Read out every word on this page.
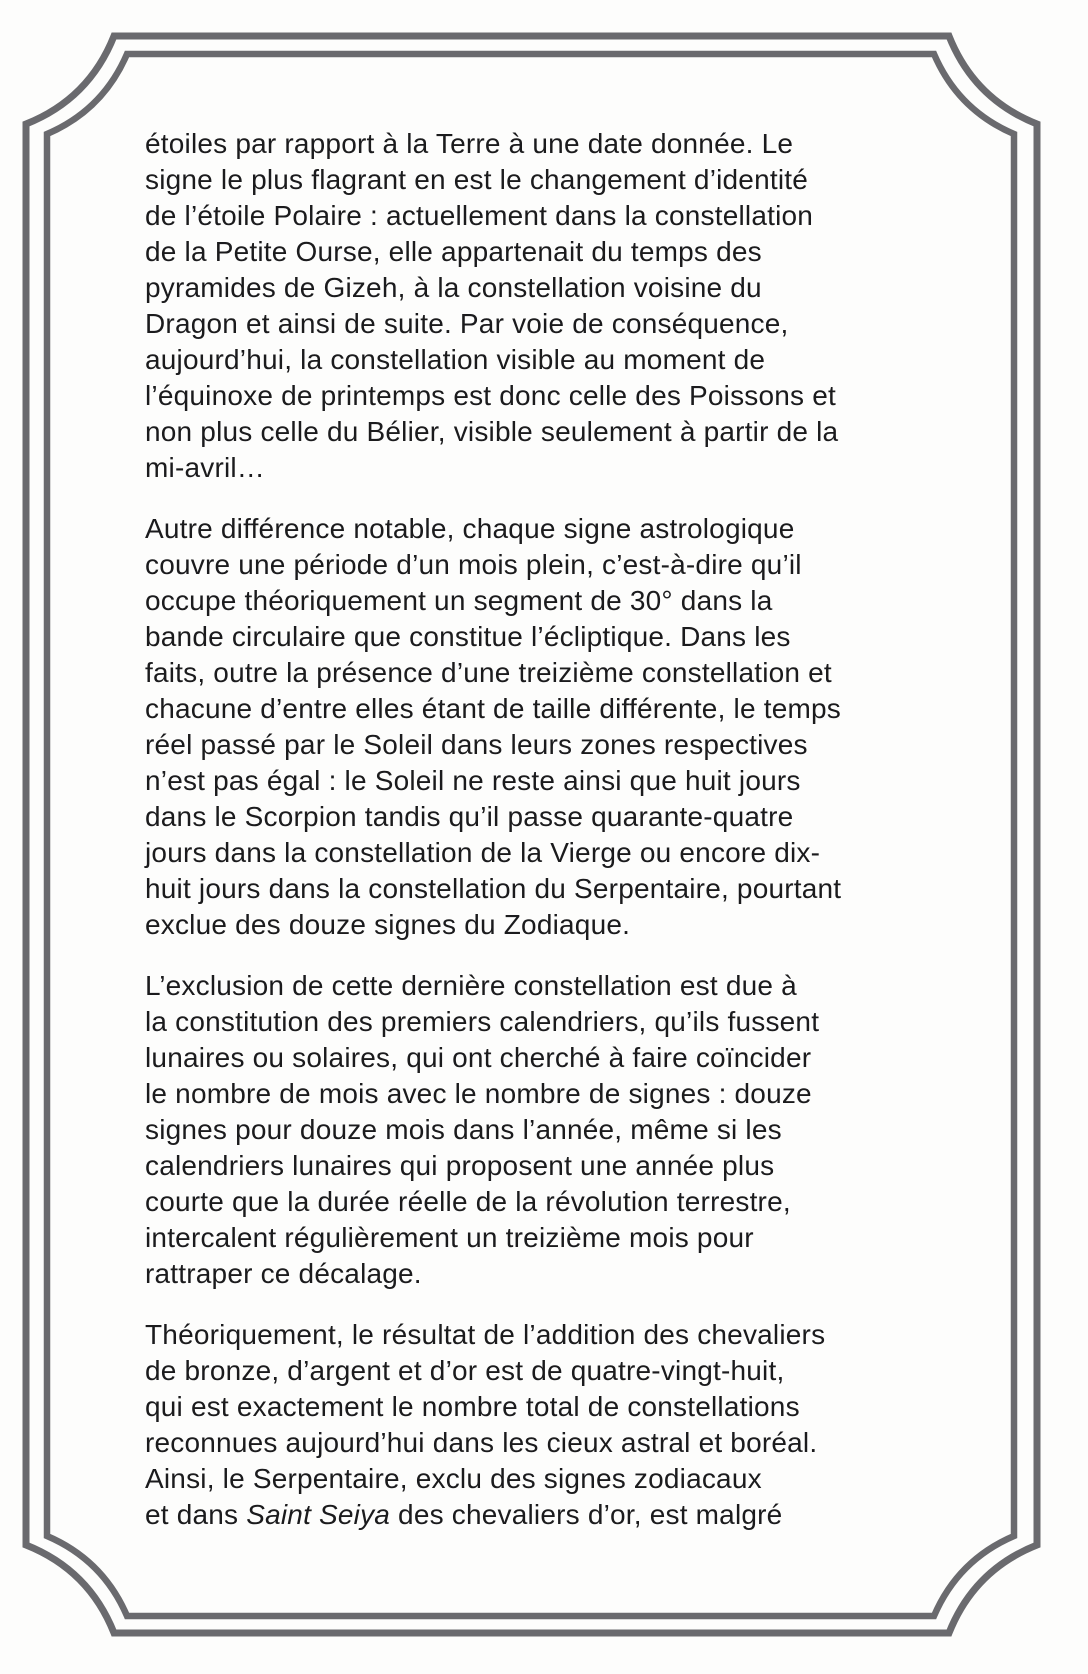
étoiles par rapport à la Terre à une date donnée. Le
signe le plus flagrant en est le changement d’identité
de l’étoile Polaire : actuellement dans la constellation
de la Petite Ourse, elle appartenait du temps des
pyramides de Gizeh, à la constellation voisine du
Dragon et ainsi de suite. Par voie de conséquence,
aujourd’hui, la constellation visible au moment de
l’équinoxe de printemps est donc celle des Poissons et
non plus celle du Bélier, visible seulement à partir de la
mi-avril…
Autre différence notable, chaque signe astrologique
couvre une période d’un mois plein, c’est-à-dire qu’il
occupe théoriquement un segment de 30° dans la
bande circulaire que constitue l’écliptique. Dans les
faits, outre la présence d’une treizième constellation et
chacune d’entre elles étant de taille différente, le temps
réel passé par le Soleil dans leurs zones respectives
n’est pas égal : le Soleil ne reste ainsi que huit jours
dans le Scorpion tandis qu’il passe quarante-quatre
jours dans la constellation de la Vierge ou encore dix-
huit jours dans la constellation du Serpentaire, pourtant
exclue des douze signes du Zodiaque.
L’exclusion de cette dernière constellation est due à
la constitution des premiers calendriers, qu’ils fussent
lunaires ou solaires, qui ont cherché à faire coïncider
le nombre de mois avec le nombre de signes : douze
signes pour douze mois dans l’année, même si les
calendriers lunaires qui proposent une année plus
courte que la durée réelle de la révolution terrestre,
intercalent régulièrement un treizième mois pour
rattraper ce décalage.
Théoriquement, le résultat de l’addition des chevaliers
de bronze, d’argent et d’or est de quatre-vingt-huit,
qui est exactement le nombre total de constellations
reconnues aujourd’hui dans les cieux astral et boréal.
Ainsi, le Serpentaire, exclu des signes zodiacaux
et dans Saint Seiya des chevaliers d’or, est malgré
